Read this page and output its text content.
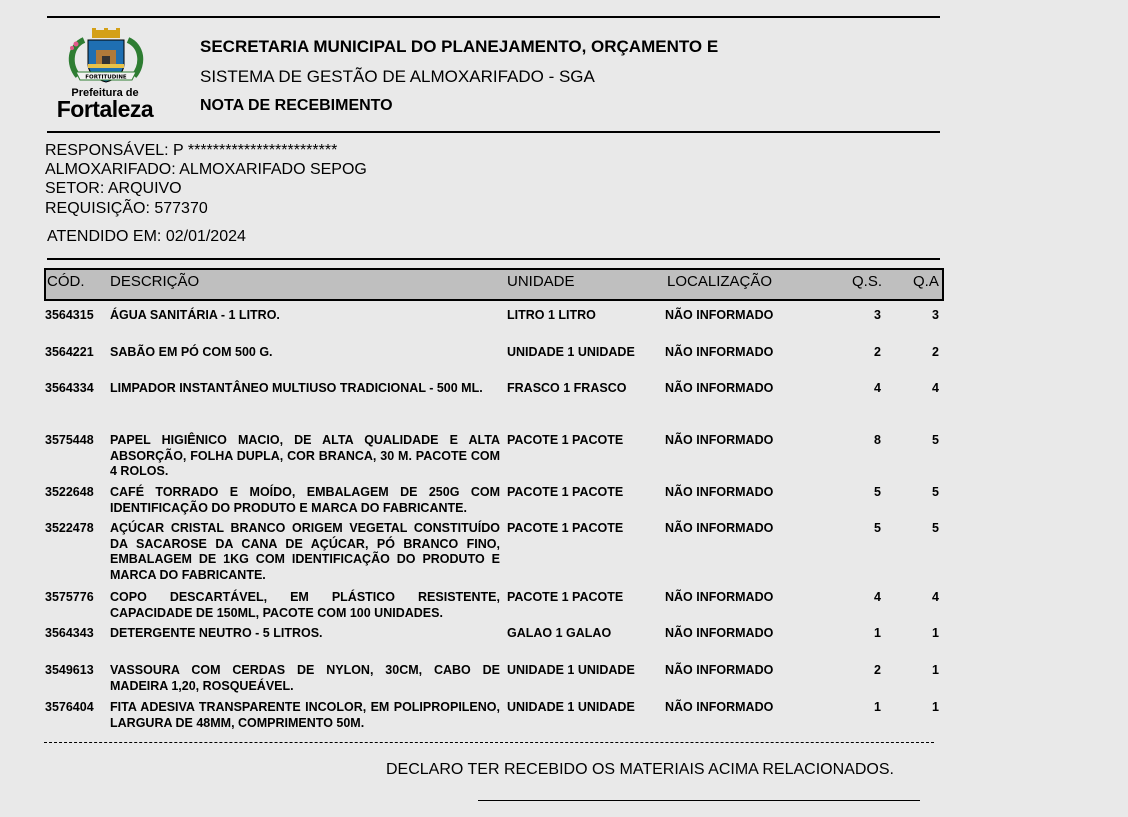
FORTITUDINE
Prefeitura de
Fortaleza
SECRETARIA MUNICIPAL DO PLANEJAMENTO, ORÇAMENTO E
SISTEMA DE GESTÃO DE ALMOXARIFADO - SGA
NOTA DE RECEBIMENTO
RESPONSÁVEL: P ************************
ALMOXARIFADO: ALMOXARIFADO SEPOG
SETOR: ARQUIVO
REQUISIÇÃO: 577370
ATENDIDO EM: 02/01/2024
CÓD. DESCRIÇÃO	UNIDADE	LOCALIZAÇÃO	Q.S. Q.A
3564315 ÁGUA SANITÁRIA - 1 LITRO.	LITRO 1 LITRO	NÃO INFORMADO	3	3
3564221 SABÃO EM PÓ COM 500 G.	UNIDADE 1 UNIDADE NÃO INFORMADO	2	2
3564334 LIMPADOR INSTANTÂNEO MULTIUSO TRADICIONAL - 500 ML.	FRASCO 1 FRASCO	NÃO INFORMADO	4	4
3575448 PAPEL HIGIÊNICO MACIO, DE ALTA QUALIDADE E ALTA ABSORÇÃO, FOLHA DUPLA, COR BRANCA, 30 M. PACOTE COM 4 ROLOS.
PACOTE 1 PACOTE	NÃO INFORMADO	8	5
3522648 CAFÉ TORRADO E MOÍDO, EMBALAGEM DE 250G COM IDENTIFICAÇÃO DO PRODUTO E MARCA DO FABRICANTE.
PACOTE 1 PACOTE	NÃO INFORMADO	5	5
3522478 AÇÚCAR CRISTAL BRANCO ORIGEM VEGETAL CONSTITUÍDO DA SACAROSE DA CANA DE AÇÚCAR, PÓ BRANCO FINO, EMBALAGEM DE 1KG COM IDENTIFICAÇÃO DO PRODUTO E MARCA DO FABRICANTE.
PACOTE 1 PACOTE	NÃO INFORMADO	5	5
3575776 COPO DESCARTÁVEL, EM PLÁSTICO RESISTENTE, CAPACIDADE DE 150ML, PACOTE COM 100 UNIDADES.
PACOTE 1 PACOTE	NÃO INFORMADO	4	4
3564343 DETERGENTE NEUTRO - 5 LITROS.	GALAO 1 GALAO	NÃO INFORMADO	1	1
3549613 VASSOURA COM CERDAS DE NYLON, 30CM, CABO DE MADEIRA 1,20, ROSQUEÁVEL.
UNIDADE 1 UNIDADE NÃO INFORMADO	2	1
3576404 FITA ADESIVA TRANSPARENTE INCOLOR, EM POLIPROPILENO, LARGURA DE 48MM, COMPRIMENTO 50M.
UNIDADE 1 UNIDADE NÃO INFORMADO	1	1
DECLARO TER RECEBIDO OS MATERIAIS ACIMA RELACIONADOS.
